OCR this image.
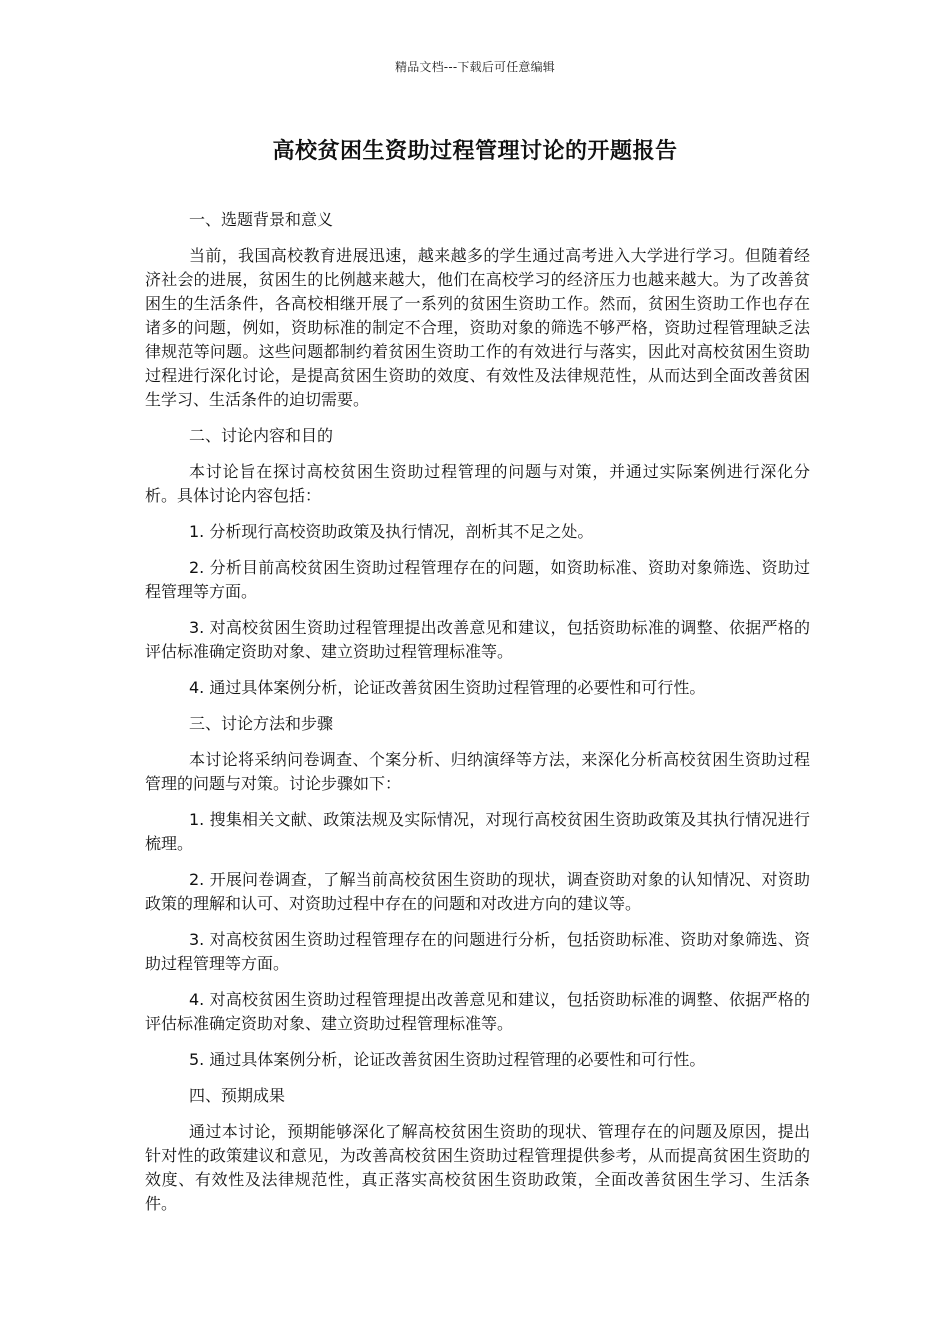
精品文档---下载后可任意编辑
高校贫困生资助过程管理讨论的开题报告

一、选题背景和意义

当前，我国高校教育进展迅速，越来越多的学生通过高考进入大学进行学习。但随着经济社会的进展，贫困生的比例越来越大，他们在高校学习的经济压力也越来越大。为了改善贫困生的生活条件，各高校相继开展了一系列的贫困生资助工作。然而，贫困生资助工作也存在诸多的问题，例如，资助标准的制定不合理，资助对象的筛选不够严格，资助过程管理缺乏法律规范等问题。这些问题都制约着贫困生资助工作的有效进行与落实，因此对高校贫困生资助过程进行深化讨论，是提高贫困生资助的效度、有效性及法律规范性，从而达到全面改善贫困生学习、生活条件的迫切需要。

二、讨论内容和目的

本讨论旨在探讨高校贫困生资助过程管理的问题与对策，并通过实际案例进行深化分析。具体讨论内容包括：

1. 分析现行高校资助政策及执行情况，剖析其不足之处。

2. 分析目前高校贫困生资助过程管理存在的问题，如资助标准、资助对象筛选、资助过程管理等方面。

3. 对高校贫困生资助过程管理提出改善意见和建议，包括资助标准的调整、依据严格的评估标准确定资助对象、建立资助过程管理标准等。

4. 通过具体案例分析，论证改善贫困生资助过程管理的必要性和可行性。

三、讨论方法和步骤

本讨论将采纳问卷调查、个案分析、归纳演绎等方法，来深化分析高校贫困生资助过程管理的问题与对策。讨论步骤如下：

1. 搜集相关文献、政策法规及实际情况，对现行高校贫困生资助政策及其执行情况进行梳理。

2. 开展问卷调查，了解当前高校贫困生资助的现状，调查资助对象的认知情况、对资助政策的理解和认可、对资助过程中存在的问题和对改进方向的建议等。

3. 对高校贫困生资助过程管理存在的问题进行分析，包括资助标准、资助对象筛选、资助过程管理等方面。

4. 对高校贫困生资助过程管理提出改善意见和建议，包括资助标准的调整、依据严格的评估标准确定资助对象、建立资助过程管理标准等。

5. 通过具体案例分析，论证改善贫困生资助过程管理的必要性和可行性。

四、预期成果

通过本讨论，预期能够深化了解高校贫困生资助的现状、管理存在的问题及原因，提出针对性的政策建议和意见，为改善高校贫困生资助过程管理提供参考，从而提高贫困生资助的效度、有效性及法律规范性，真正落实高校贫困生资助政策，全面改善贫困生学习、生活条件。
